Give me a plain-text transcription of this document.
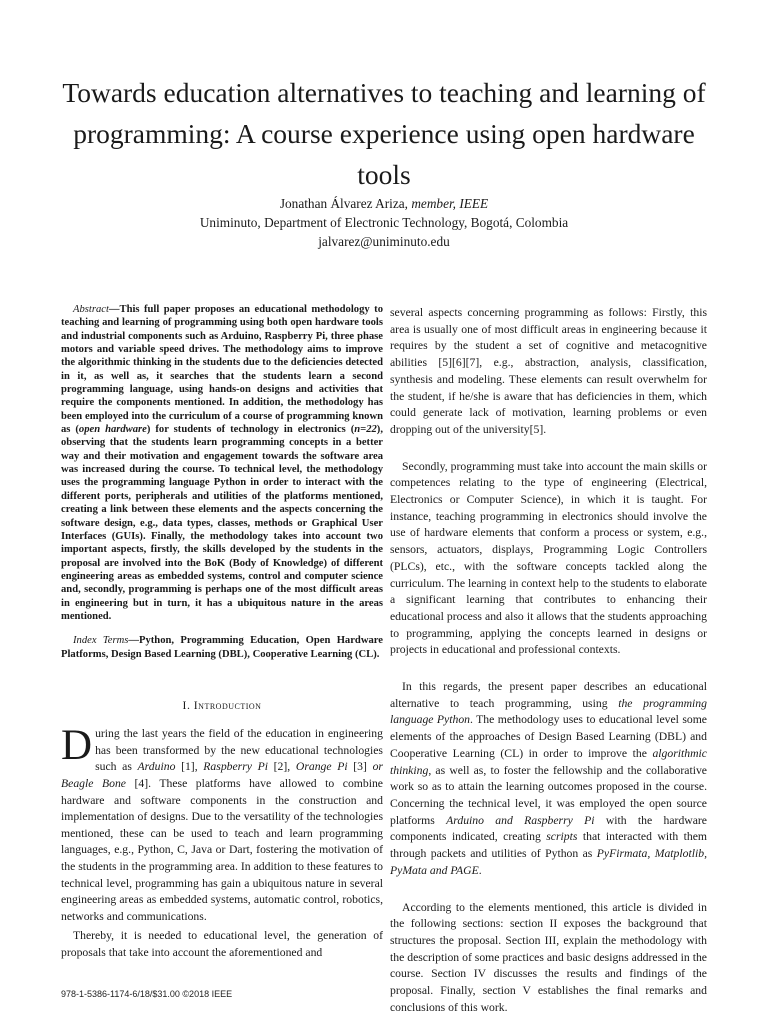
Towards education alternatives to teaching and learning of programming: A course experience using open hardware tools
Jonathan Álvarez Ariza, member, IEEE
Uniminuto, Department of Electronic Technology, Bogotá, Colombia
jalvarez@uniminuto.edu

Abstract—This full paper proposes an educational methodology to teaching and learning of programming using both open hardware tools and industrial components such as Arduino, Raspberry Pi, three phase motors and variable speed drives. The methodology aims to improve the algorithmic thinking in the students due to the deficiencies detected in it, as well as, it searches that the students learn a second programming language, using hands-on designs and activities that require the components mentioned. In addition, the methodology has been employed into the curriculum of a course of programming known as (open hardware) for students of technology in electronics (n=22), observing that the students learn programming concepts in a better way and their motivation and engagement towards the software area was increased during the course. To technical level, the methodology uses the programming language Python in order to interact with the different ports, peripherals and utilities of the platforms mentioned, creating a link between these elements and the aspects concerning the software design, e.g., data types, classes, methods or Graphical User Interfaces (GUIs). Finally, the methodology takes into account two important aspects, firstly, the skills developed by the students in the proposal are involved into the BoK (Body of Knowledge) of different engineering areas as embedded systems, control and computer science and, secondly, programming is perhaps one of the most difficult areas in engineering but in turn, it has a ubiquitous nature in the areas mentioned.

Index Terms—Python, Programming Education, Open Hardware Platforms, Design Based Learning (DBL), Cooperative Learning (CL).

I. Introduction

During the last years the field of the education in engineering has been transformed by the new educational technologies such as Arduino [1], Raspberry Pi [2], Orange Pi [3] or Beagle Bone [4]. These platforms have allowed to combine hardware and software components in the construction and implementation of designs. Due to the versatility of the technologies mentioned, these can be used to teach and learn programming languages, e.g., Python, C, Java or Dart, fostering the motivation of the students in the programming area. In addition to these features to technical level, programming has gain a ubiquitous nature in several engineering areas as embedded systems, automatic control, robotics, networks and communications.

Thereby, it is needed to educational level, the generation of proposals that take into account the aforementioned and

several aspects concerning programming as follows: Firstly, this area is usually one of most difficult areas in engineering because it requires by the student a set of cognitive and metacognitive abilities [5][6][7], e.g., abstraction, analysis, classification, synthesis and modeling. These elements can result overwhelm for the student, if he/she is aware that has deficiencies in them, which could generate lack of motivation, learning problems or even dropping out of the university[5].

Secondly, programming must take into account the main skills or competences relating to the type of engineering (Electrical, Electronics or Computer Science), in which it is taught. For instance, teaching programming in electronics should involve the use of hardware elements that conform a process or system, e.g., sensors, actuators, displays, Programming Logic Controllers (PLCs), etc., with the software concepts tackled along the curriculum. The learning in context help to the students to elaborate a significant learning that contributes to enhancing their educational process and also it allows that the students approaching to programming, applying the concepts learned in designs or projects in educational and professional contexts.

In this regards, the present paper describes an educational alternative to teach programming, using the programming language Python. The methodology uses to educational level some elements of the approaches of Design Based Learning (DBL) and Cooperative Learning (CL) in order to improve the algorithmic thinking, as well as, to foster the fellowship and the collaborative work so as to attain the learning outcomes proposed in the course. Concerning the technical level, it was employed the open source platforms Arduino and Raspberry Pi with the hardware components indicated, creating scripts that interacted with them through packets and utilities of Python as PyFirmata, Matplotlib, PyMata and PAGE.

According to the elements mentioned, this article is divided in the following sections: section II exposes the background that structures the proposal. Section III, explain the methodology with the description of some practices and basic designs addressed in the course. Section IV discusses the results and findings of the proposal. Finally, section V establishes the final remarks and conclusions of this work.

978-1-5386-1174-6/18/$31.00 ©2018 IEEE
